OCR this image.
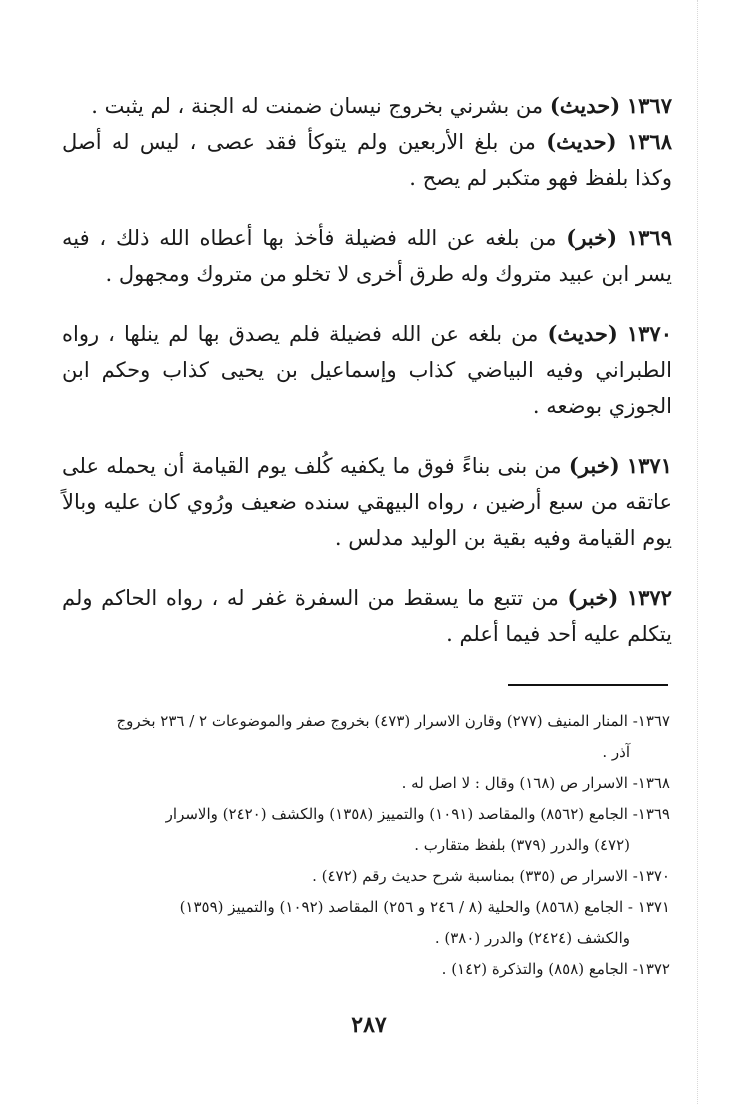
١٣٦٧ (حديث) من بشرني بخروج نيسان ضمنت له الجنة ، لم يثبت .

١٣٦٨ (حديث) من بلغ الأربعين ولم يتوكأ فقد عصى ، ليس له أصل وكذا بلفظ فهو متكبر لم يصح .

١٣٦٩ (خبر) من بلغه عن الله فضيلة فأخذ بها أعطاه الله ذلك ، فيه يسر ابن عبيد متروك وله طرق أخرى لا تخلو من متروك ومجهول .

١٣٧٠ (حديث) من بلغه عن الله فضيلة فلم يصدق بها لم ينلها ، رواه الطبراني وفيه البياضي كذاب وإسماعيل بن يحيى كذاب وحكم ابن الجوزي بوضعه .

١٣٧١ (خبر) من بنى بناءً فوق ما يكفيه كُلف يوم القيامة أن يحمله على عاتقه من سبع أرضين ، رواه البيهقي سنده ضعيف ورُوي كان عليه وبالاً يوم القيامة وفيه بقية بن الوليد مدلس .

١٣٧٢ (خبر) من تتبع ما يسقط من السفرة غفر له ، رواه الحاكم ولم يتكلم عليه أحد فيما أعلم .

١٣٦٧- المنار المنيف (٢٧٧) وقارن الاسرار (٤٧٣) بخروج صفر والموضوعات ٢ / ٢٣٦ بخروج
آذر .

١٣٦٨- الاسرار ص (١٦٨) وقال : لا اصل له .

١٣٦٩- الجامع (٨٥٦٢) والمقاصد (١٠٩١) والتمييز (١٣٥٨) والكشف (٢٤٢٠) والاسرار
(٤٧٢) والدرر (٣٧٩) بلفظ متقارب .

١٣٧٠- الاسرار ص (٣٣٥) بمناسبة شرح حديث رقم (٤٧٢) .

١٣٧١ - الجامع (٨٥٦٨) والحلية (٨ / ٢٤٦ و ٢٥٦) المقاصد (١٠٩٢) والتمييز (١٣٥٩)
والكشف (٢٤٢٤) والدرر (٣٨٠) .

١٣٧٢- الجامع (٨٥٨) والتذكرة (١٤٢) .

٢٨٧
